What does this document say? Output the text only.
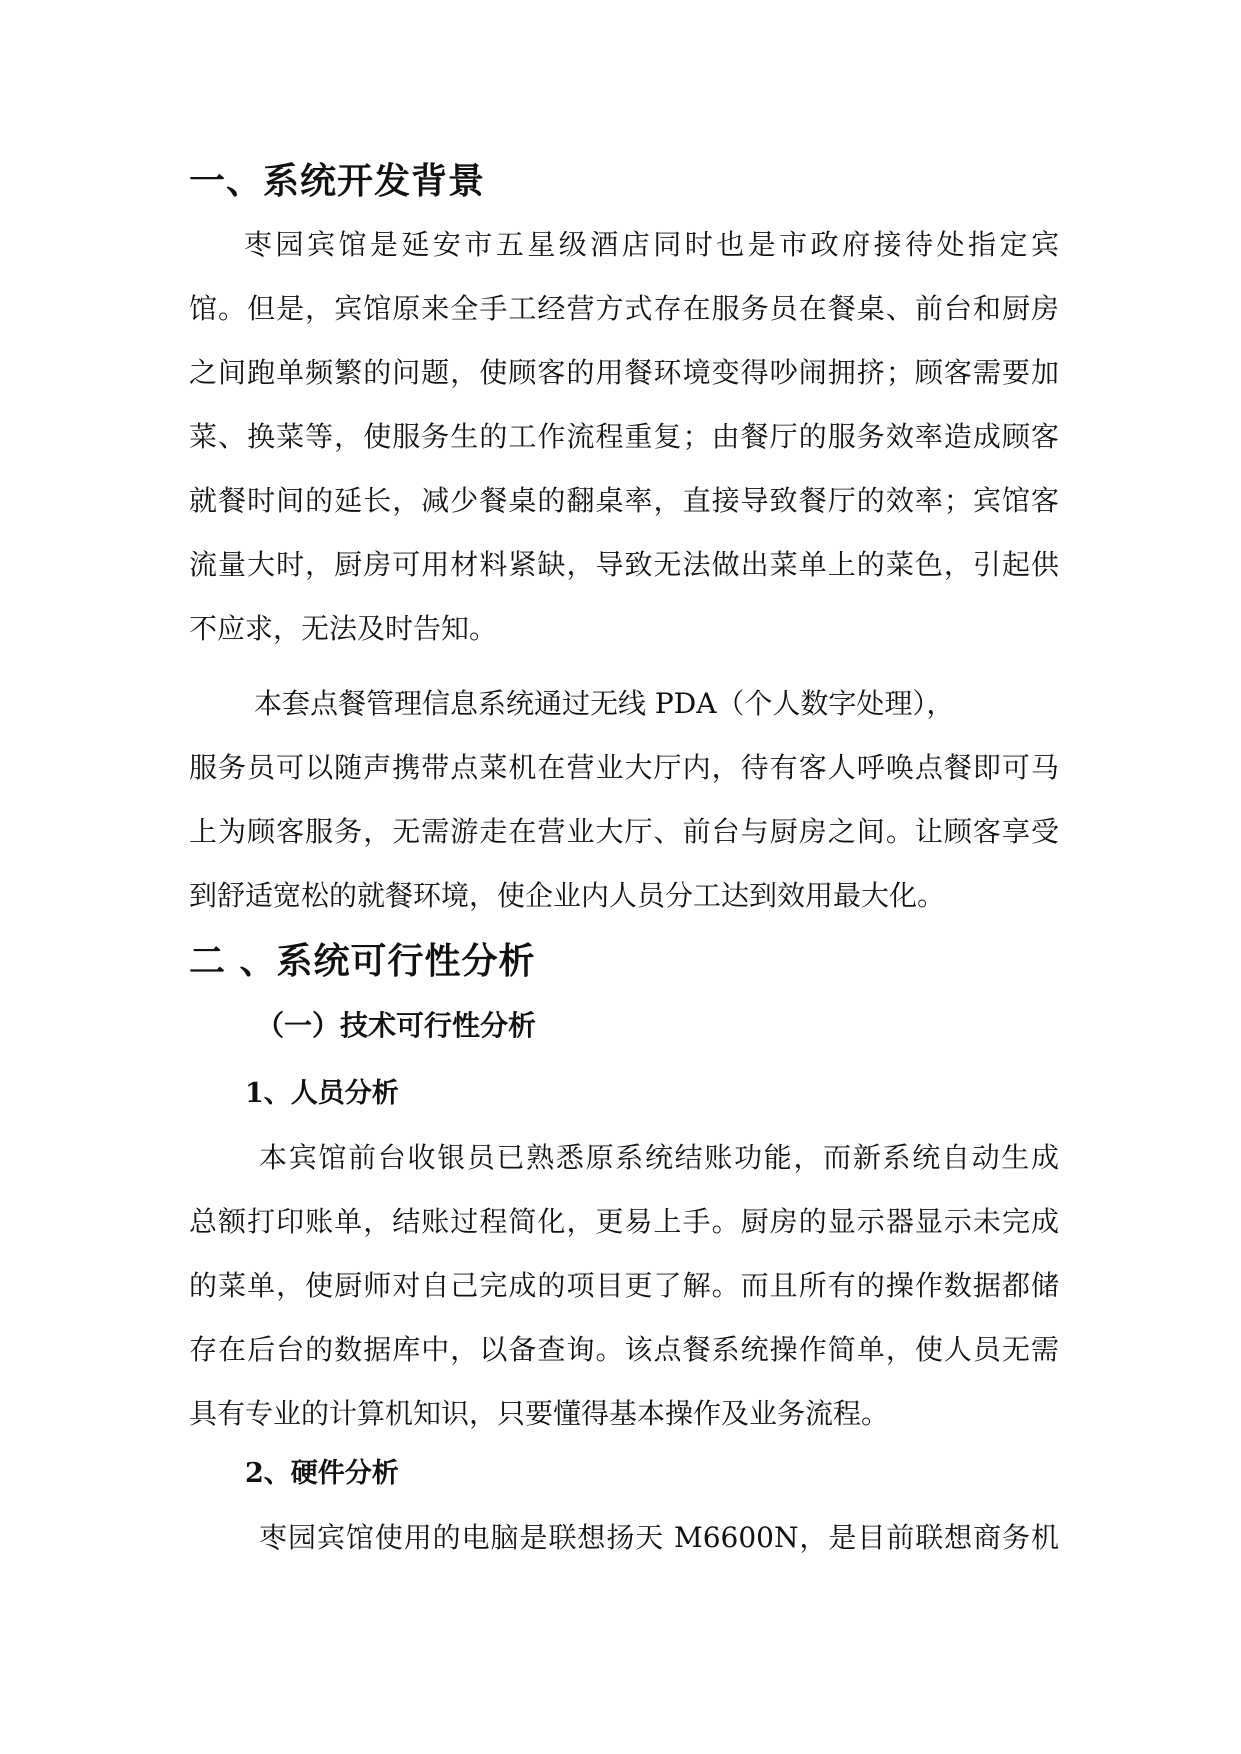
一、系统开发背景
枣园宾馆是延安市五星级酒店同时也是市政府接待处指定宾
馆。但是，宾馆原来全手工经营方式存在服务员在餐桌、前台和厨房
之间跑单频繁的问题，使顾客的用餐环境变得吵闹拥挤；顾客需要加
菜、换菜等，使服务生的工作流程重复；由餐厅的服务效率造成顾客
就餐时间的延长，减少餐桌的翻桌率，直接导致餐厅的效率；宾馆客
流量大时，厨房可用材料紧缺，导致无法做出菜单上的菜色，引起供
不应求，无法及时告知。
本套点餐管理信息系统通过无线 PDA（个人数字处理），
服务员可以随声携带点菜机在营业大厅内，待有客人呼唤点餐即可马
上为顾客服务，无需游走在营业大厅、前台与厨房之间。让顾客享受
到舒适宽松的就餐环境，使企业内人员分工达到效用最大化。
二 、系统可行性分析
（一）技术可行性分析
1、人员分析
本宾馆前台收银员已熟悉原系统结账功能，而新系统自动生成
总额打印账单，结账过程简化，更易上手。厨房的显示器显示未完成
的菜单，使厨师对自己完成的项目更了解。而且所有的操作数据都储
存在后台的数据库中，以备查询。该点餐系统操作简单，使人员无需
具有专业的计算机知识，只要懂得基本操作及业务流程。
2、硬件分析
枣园宾馆使用的电脑是联想扬天 M6600N，是目前联想商务机
